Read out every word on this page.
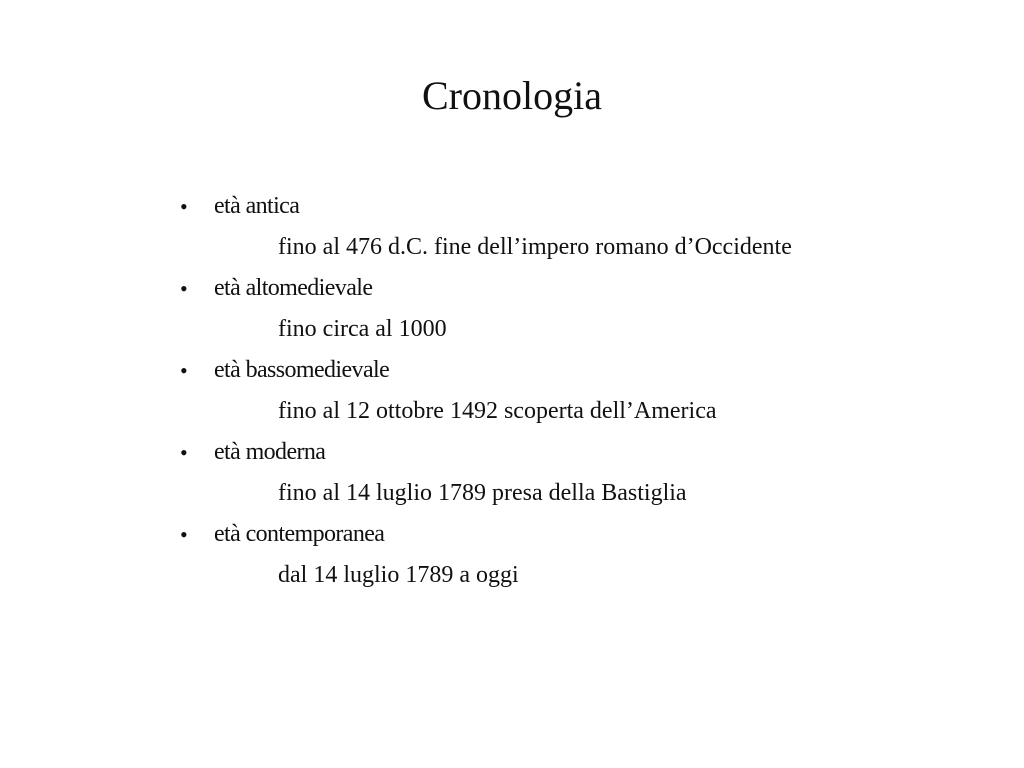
Cronologia
•	età antica
fino al 476 d.C. fine dell’impero romano d’Occidente
•	età altomedievale
fino circa al 1000
•	età bassomedievale
fino al 12 ottobre 1492 scoperta dell’America
•	età moderna
fino al 14 luglio 1789 presa della Bastiglia
•	età contemporanea
dal 14 luglio 1789 a oggi
